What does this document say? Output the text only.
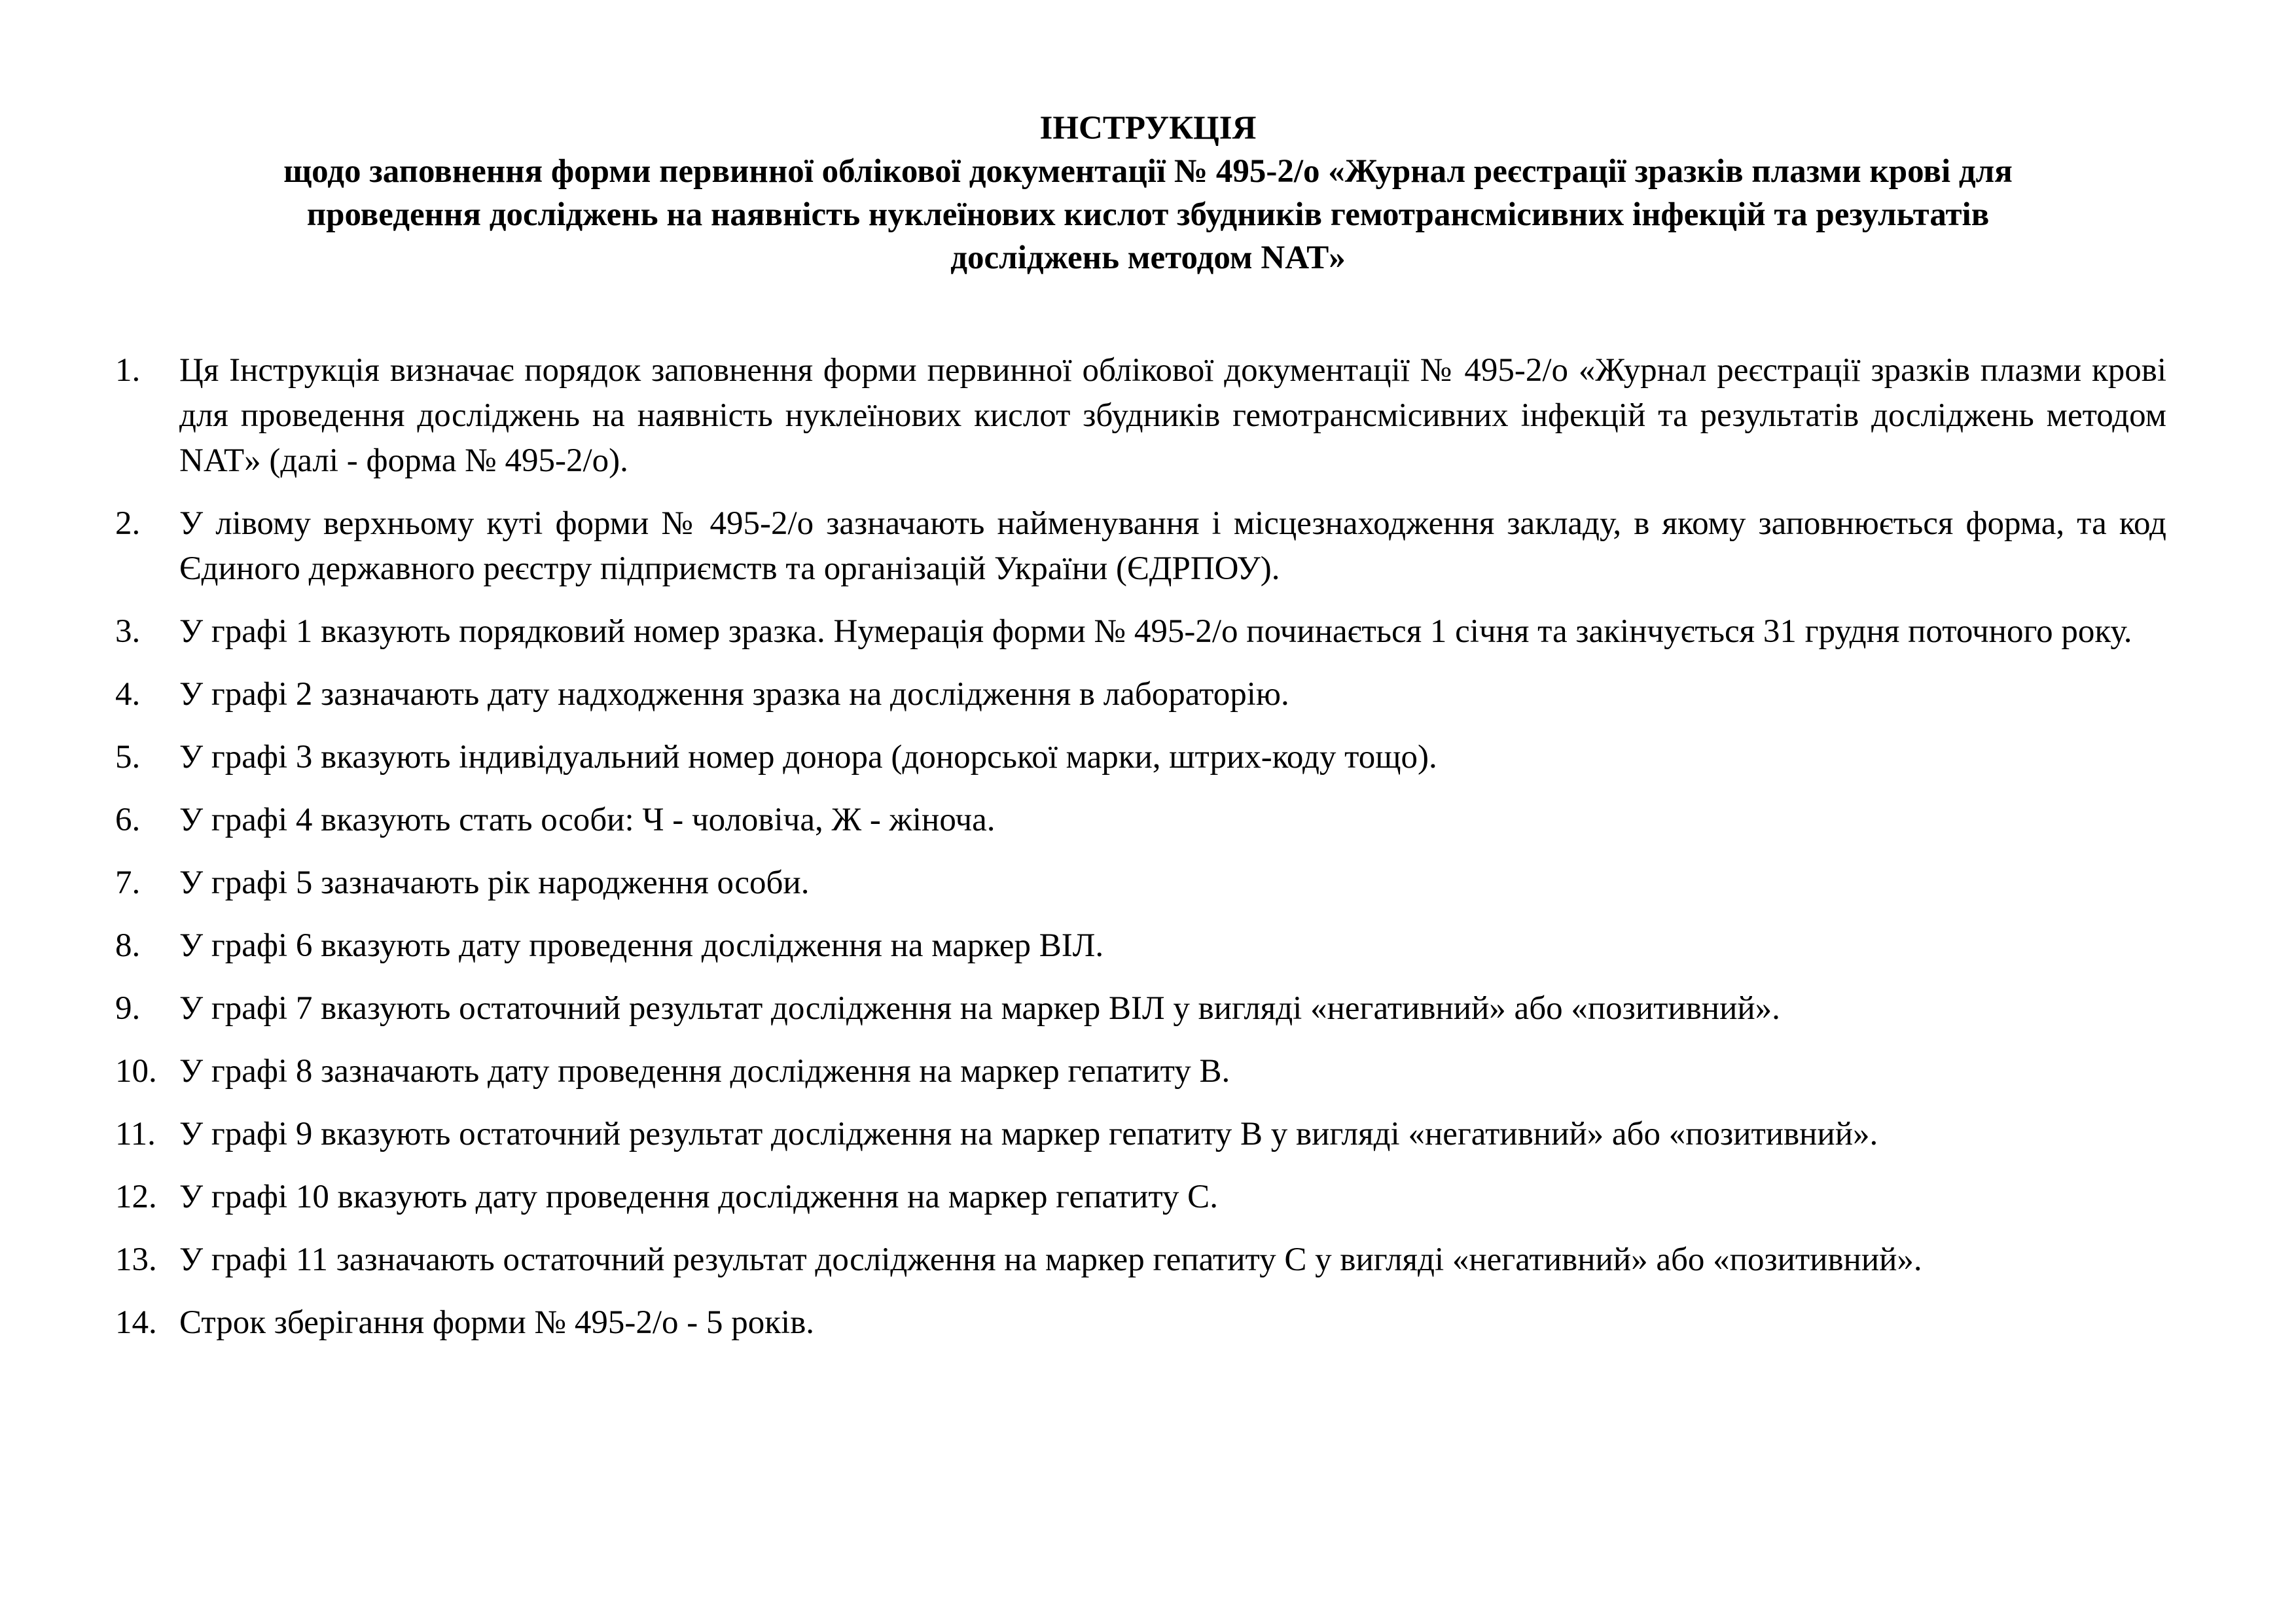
ІНСТРУКЦІЯ
щодо заповнення форми первинної облікової документації № 495-2/о «Журнал реєстрації зразків плазми крові для
проведення досліджень на наявність нуклеїнових кислот збудників гемотрансмісивних інфекцій та результатів
досліджень методом NAT»
1.	Ця Інструкція визначає порядок заповнення форми первинної облікової документації № 495-2/о «Журнал реєстрації зразків плазми крові для проведення досліджень на наявність нуклеїнових кислот збудників гемотрансмісивних інфекцій та результатів досліджень методом NAT» (далі - форма № 495-2/о).
2.	У лівому верхньому куті форми № 495-2/о зазначають найменування і місцезнаходження закладу, в якому заповнюється форма, та код Єдиного державного реєстру підприємств та організацій України (ЄДРПОУ).
3.	У графі 1 вказують порядковий номер зразка. Нумерація форми № 495-2/о починається 1 січня та закінчується 31 грудня поточного року.
4.	У графі 2 зазначають дату надходження зразка на дослідження в лабораторію.
5.	У графі 3 вказують індивідуальний номер донора (донорської марки, штрих-коду тощо).
6.	У графі 4 вказують стать особи: Ч - чоловіча, Ж - жіноча.
7.	У графі 5 зазначають рік народження особи.
8.	У графі 6 вказують дату проведення дослідження на маркер ВІЛ.
9.	У графі 7 вказують остаточний результат дослідження на маркер ВІЛ у вигляді «негативний» або «позитивний».
10. У графі 8 зазначають дату проведення дослідження на маркер гепатиту В.
11. У графі 9 вказують остаточний результат дослідження на маркер гепатиту В у вигляді «негативний» або «позитивний».
12. У графі 10 вказують дату проведення дослідження на маркер гепатиту С.
13. У графі 11 зазначають остаточний результат дослідження на маркер гепатиту С у вигляді «негативний» або «позитивний».
14. Строк зберігання форми № 495-2/о - 5 років.
